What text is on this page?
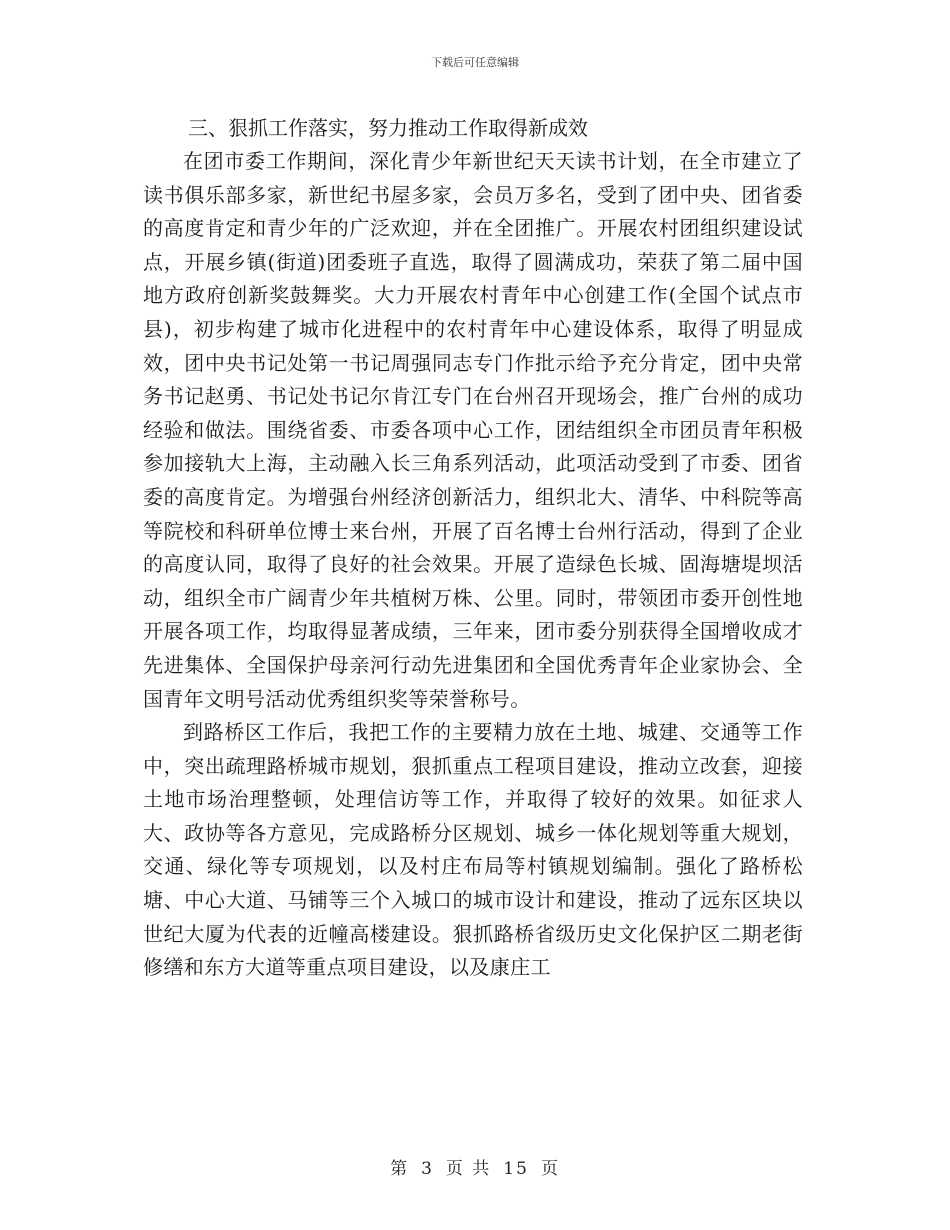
下载后可任意编辑

三、狠抓工作落实，努力推动工作取得新成效

在团市委工作期间，深化青少年新世纪天天读书计划，在全市建立了读书俱乐部多家，新世纪书屋多家，会员万多名，受到了团中央、团省委的高度肯定和青少年的广泛欢迎，并在全团推广。开展农村团组织建设试点，开展乡镇(街道)团委班子直选，取得了圆满成功，荣获了第二届中国地方政府创新奖鼓舞奖。大力开展农村青年中心创建工作(全国个试点市县)，初步构建了城市化进程中的农村青年中心建设体系，取得了明显成效，团中央书记处第一书记周强同志专门作批示给予充分肯定，团中央常务书记赵勇、书记处书记尔肯江专门在台州召开现场会，推广台州的成功经验和做法。围绕省委、市委各项中心工作，团结组织全市团员青年积极参加接轨大上海，主动融入长三角系列活动，此项活动受到了市委、团省委的高度肯定。为增强台州经济创新活力，组织北大、清华、中科院等高等院校和科研单位博士来台州，开展了百名博士台州行活动，得到了企业的高度认同，取得了良好的社会效果。开展了造绿色长城、固海塘堤坝活动，组织全市广阔青少年共植树万株、公里。同时，带领团市委开创性地开展各项工作，均取得显著成绩，三年来，团市委分别获得全国增收成才先进集体、全国保护母亲河行动先进集团和全国优秀青年企业家协会、全国青年文明号活动优秀组织奖等荣誉称号。

到路桥区工作后，我把工作的主要精力放在土地、城建、交通等工作中，突出疏理路桥城市规划，狠抓重点工程项目建设，推动立改套，迎接土地市场治理整顿，处理信访等工作，并取得了较好的效果。如征求人大、政协等各方意见，完成路桥分区规划、城乡一体化规划等重大规划，交通、绿化等专项规划，以及村庄布局等村镇规划编制。强化了路桥松塘、中心大道、马铺等三个入城口的城市设计和建设，推动了远东区块以世纪大厦为代表的近幢高楼建设。狠抓路桥省级历史文化保护区二期老街修缮和东方大道等重点项目建设，以及康庄工

第 3 页 共 15 页
